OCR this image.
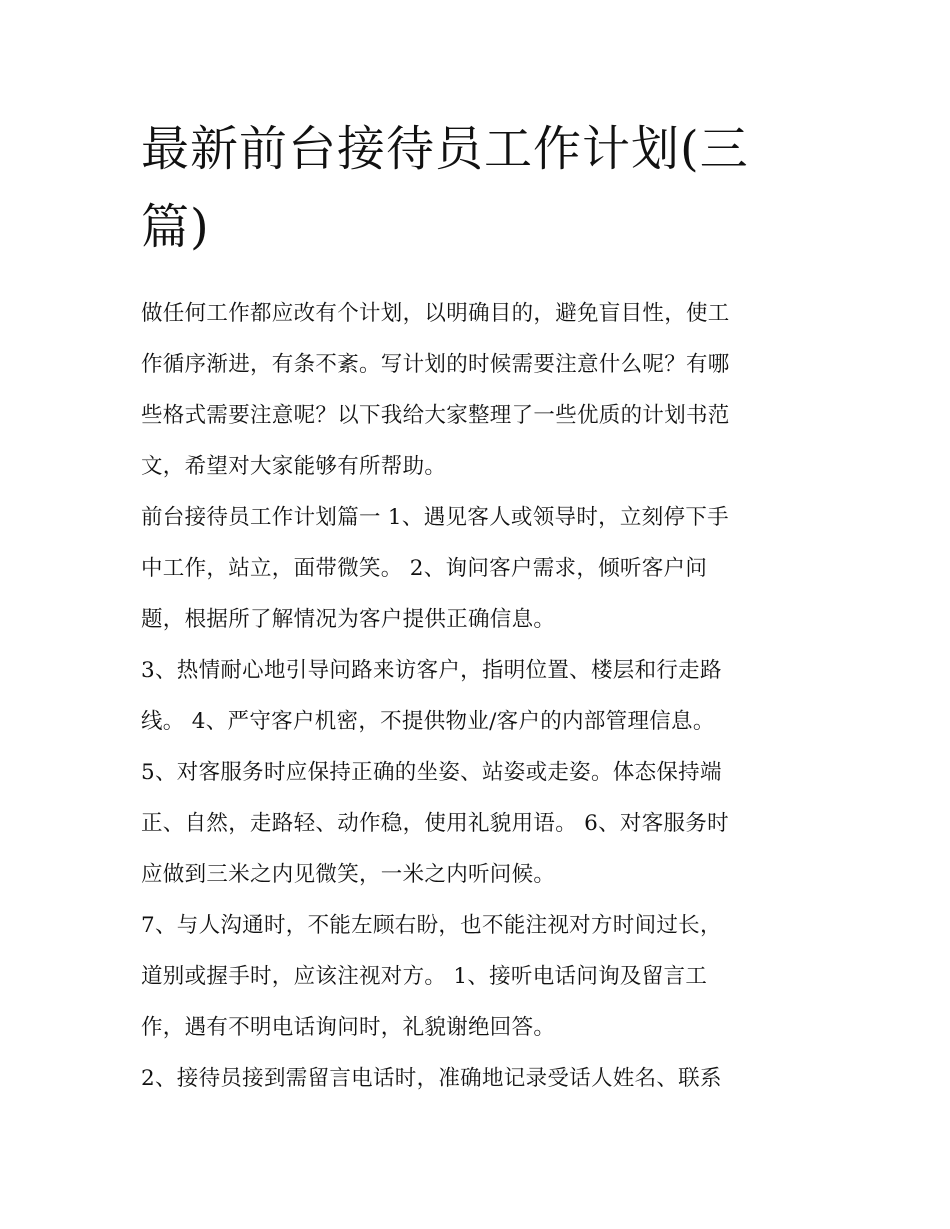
最新前台接待员工作计划(三
篇)

做任何工作都应改有个计划，以明确目的，避免盲目性，使工
作循序渐进，有条不紊。写计划的时候需要注意什么呢？有哪
些格式需要注意呢？以下我给大家整理了一些优质的计划书范
文，希望对大家能够有所帮助。

前台接待员工作计划篇一 1、遇见客人或领导时，立刻停下手
中工作，站立，面带微笑。 2、询问客户需求，倾听客户问
题，根据所了解情况为客户提供正确信息。

3、热情耐心地引导问路来访客户，指明位置、楼层和行走路
线。 4、严守客户机密，不提供物业/客户的内部管理信息。

5、对客服务时应保持正确的坐姿、站姿或走姿。体态保持端
正、自然，走路轻、动作稳，使用礼貌用语。 6、对客服务时
应做到三米之内见微笑，一米之内听问候。

7、与人沟通时，不能左顾右盼，也不能注视对方时间过长，
道别或握手时，应该注视对方。 1、接听电话问询及留言工
作，遇有不明电话询问时，礼貌谢绝回答。

2、接待员接到需留言电话时，准确地记录受话人姓名、联系
